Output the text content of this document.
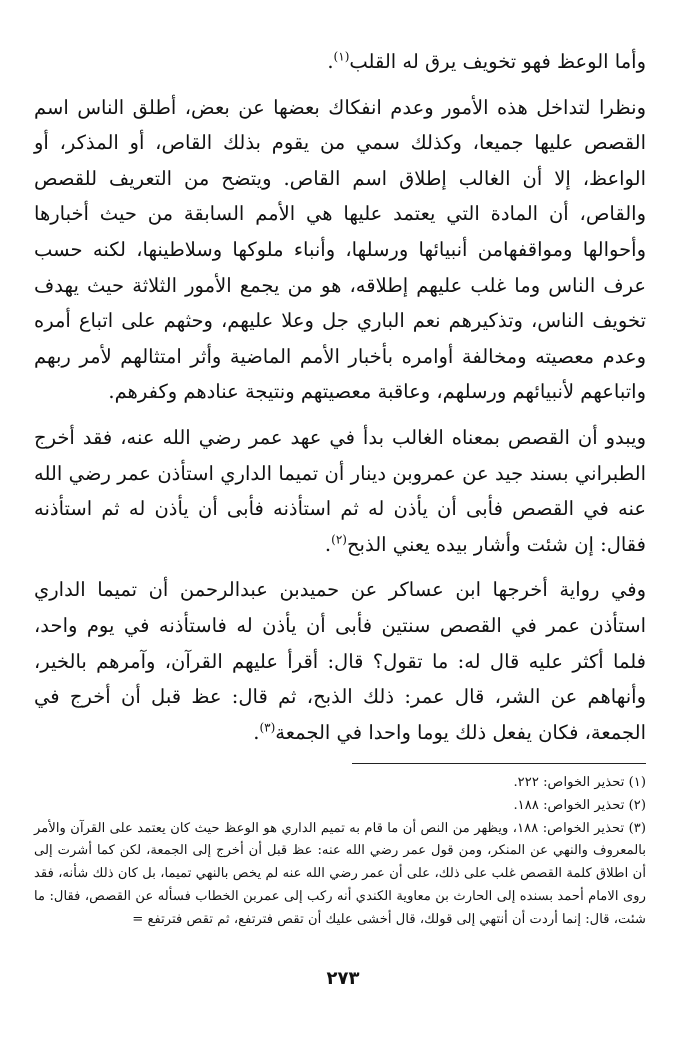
وأما الوعظ فهو تخويف يرق له القلب$^{(١)}$.

ونظرا لتداخل هذه الأمور وعدم انفكاك بعضها عن بعض، أطلق الناس اسم القصص عليها جميعا، وكذلك سمي من يقوم بذلك القاص، أو المذكر، أو الواعظ، إلا أن الغالب إطلاق اسم القاص. ويتضح من التعريف للقصص والقاص، أن المادة التي يعتمد عليها هي الأمم السابقة من حيث أخبارها وأحوالها ومواقفهامن أنبيائها ورسلها، وأنباء ملوكها وسلاطينها، لكنه حسب عرف الناس وما غلب عليهم إطلاقه، هو من يجمع الأمور الثلاثة حيث يهدف تخويف الناس، وتذكيرهم نعم الباري جل وعلا عليهم، وحثهم على اتباع أمره وعدم معصيته ومخالفة أوامره بأخبار الأمم الماضية وأثر امتثالهم لأمر ربهم واتباعهم لأنبيائهم ورسلهم، وعاقبة معصيتهم ونتيجة عنادهم وكفرهم.

ويبدو أن القصص بمعناه الغالب بدأ في عهد عمر رضي الله عنه، فقد أخرج الطبراني بسند جيد عن عمروبن دينار أن تميما الداري استأذن عمر رضي الله عنه في القصص فأبى أن يأذن له ثم استأذنه فأبى أن يأذن له ثم استأذنه فقال: إن شئت وأشار بيده يعني الذبح$^{(٢)}$.

وفي رواية أخرجها ابن عساكر عن حميدبن عبدالرحمن أن تميما الداري استأذن عمر في القصص سنتين فأبى أن يأذن له فاستأذنه في يوم واحد، فلما أكثر عليه قال له: ما تقول؟ قال: أقرأ عليهم القرآن، وآمرهم بالخير، وأنهاهم عن الشر، قال عمر: ذلك الذبح، ثم قال: عظ قبل أن أخرج في الجمعة، فكان يفعل ذلك يوما واحدا في الجمعة$^{(٣)}$.

(١) تحذير الخواص: ٢٢٢.

(٢) تحذير الخواص: ١٨٨.

(٣) تحذير الخواص: ١٨٨، ويظهر من النص أن ما قام به تميم الداري هو الوعظ حيث كان يعتمد على القرآن والأمر بالمعروف والنهي عن المنكر، ومن قول عمر رضي الله عنه: عظ قبل أن أخرج إلى الجمعة، لكن كما أشرت إلى أن اطلاق كلمة القصص غلب على ذلك، على أن عمر رضي الله عنه لم يخص بالنهي تميما، بل كان ذلك شأنه، فقد روى الامام أحمد بسنده إلى الحارث بن معاوية الكندي أنه ركب إلى عمربن الخطاب فسأله عن القصص، فقال: ما شئت، قال: إنما أردت أن أنتهي إلى قولك، قال أخشى عليك أن تقص فترتفع، ثم تقص فترتفع =

٢٧٣
